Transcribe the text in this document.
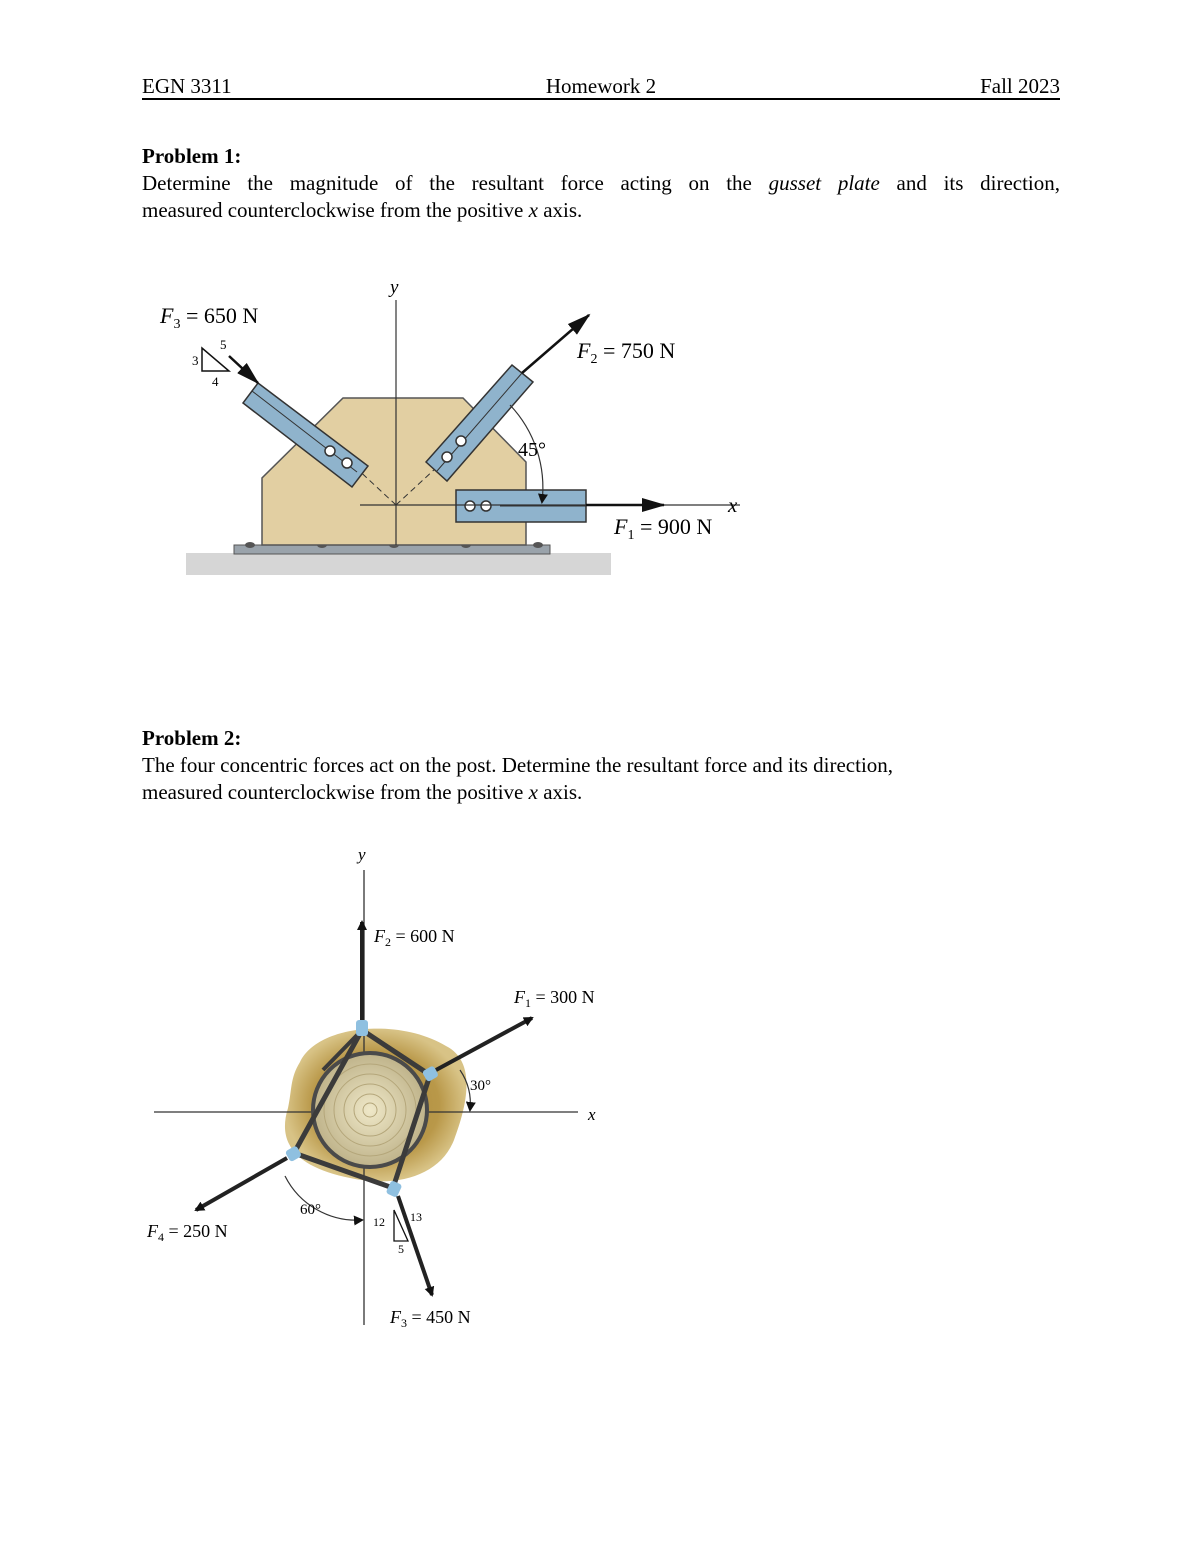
EGN 3311	Homework 2	Fall 2023
Problem 1:
Determine the magnitude of the resultant force acting on the gusset plate and its direction,
measured counterclockwise from the positive x axis.
Problem 2:
The four concentric forces act on the post. Determine the resultant force and its direction,
measured counterclockwise from the positive x axis.
y
x
$F_3 = 650$ N
$F_2 = 750$ N
$F_1 = 900$ N
45°
3
4
5
y
x
$F_2 = 600$ N
$F_1 = 300$ N
$F_3 = 450$ N
$F_4 = 250$ N
30°
60°
12 13
5
